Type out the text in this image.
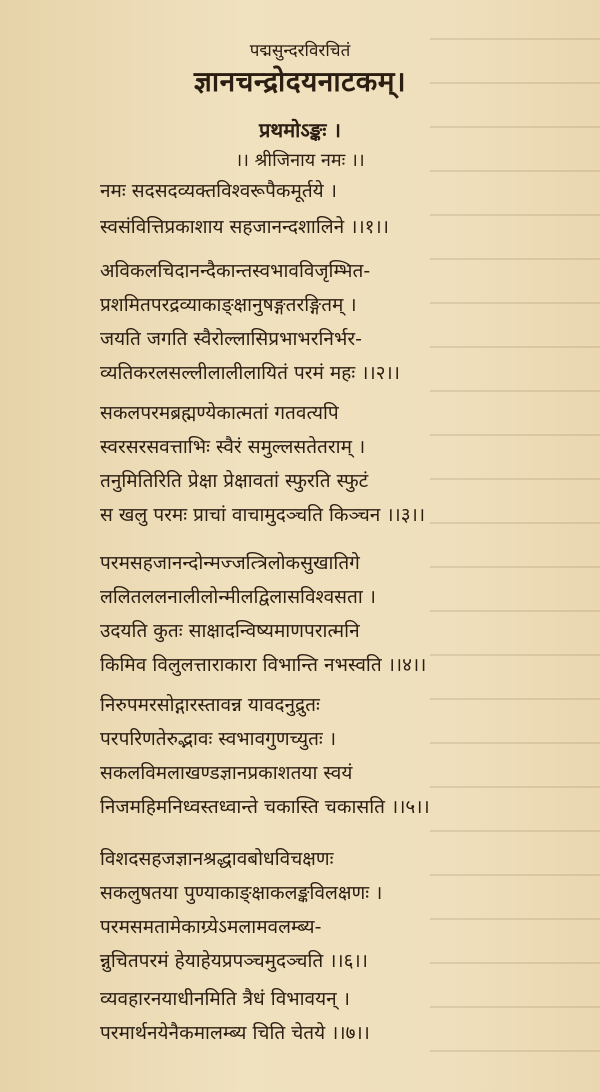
पद्मसुन्दरविरचितं
ज्ञानचन्द्रोदयनाटकम्।
प्रथमोऽङ्कः ।
।। श्रीजिनाय नमः ।।
नमः सदसदव्यक्तविश्वरूपैकमूर्तये ।
स्वसंवित्तिप्रकाशाय सहजानन्दशालिने ।।१।।
अविकलचिदानन्दैकान्तस्वभावविजृम्भित-
प्रशमितपरद्रव्याकाङ्क्षानुषङ्गतरङ्गितम् ।
जयति जगति स्वैरोल्लासिप्रभाभरनिर्भर-
व्यतिकरलसल्लीलालीलायितं परमं महः ।।२।।
सकलपरमब्रह्मण्येकात्मतां गतवत्यपि
स्वरसरसवत्ताभिः स्वैरं समुल्लसतेतराम् ।
तनुमितिरिति प्रेक्षा प्रेक्षावतां स्फुरति स्फुटं
स खलु परमः प्राचां वाचामुदञ्चति किञ्चन ।।३।।
परमसहजानन्दोन्मज्जत्त्रिलोकसुखातिगे
ललितललनालीलोन्मीलद्विलासविश्वसता ।
उदयति कुतः साक्षादन्विष्यमाणपरात्मनि
किमिव विलुलत्ताराकारा विभान्ति नभस्वति ।।४।।
निरुपमरसोद्गारस्तावन्न यावदनुद्रुतः
परपरिणतेरुद्भावः स्वभावगुणच्युतः ।
सकलविमलाखण्डज्ञानप्रकाशतया स्वयं
निजमहिमनिध्वस्तध्वान्ते चकास्ति चकासति ।।५।।
विशदसहजज्ञानश्रद्धावबोधविचक्षणः
सकलुषतया पुण्याकाङ्क्षाकलङ्कविलक्षणः ।
परमसमतामेकाग्र्येऽमलामवलम्ब्य-
न्नुचितपरमं हेयाहेयप्रपञ्चमुदञ्चति ।।६।।
व्यवहारनयाधीनमिति त्रैधं विभावयन् ।
परमार्थनयेनैकमालम्ब्य चिति चेतये ।।७।।
